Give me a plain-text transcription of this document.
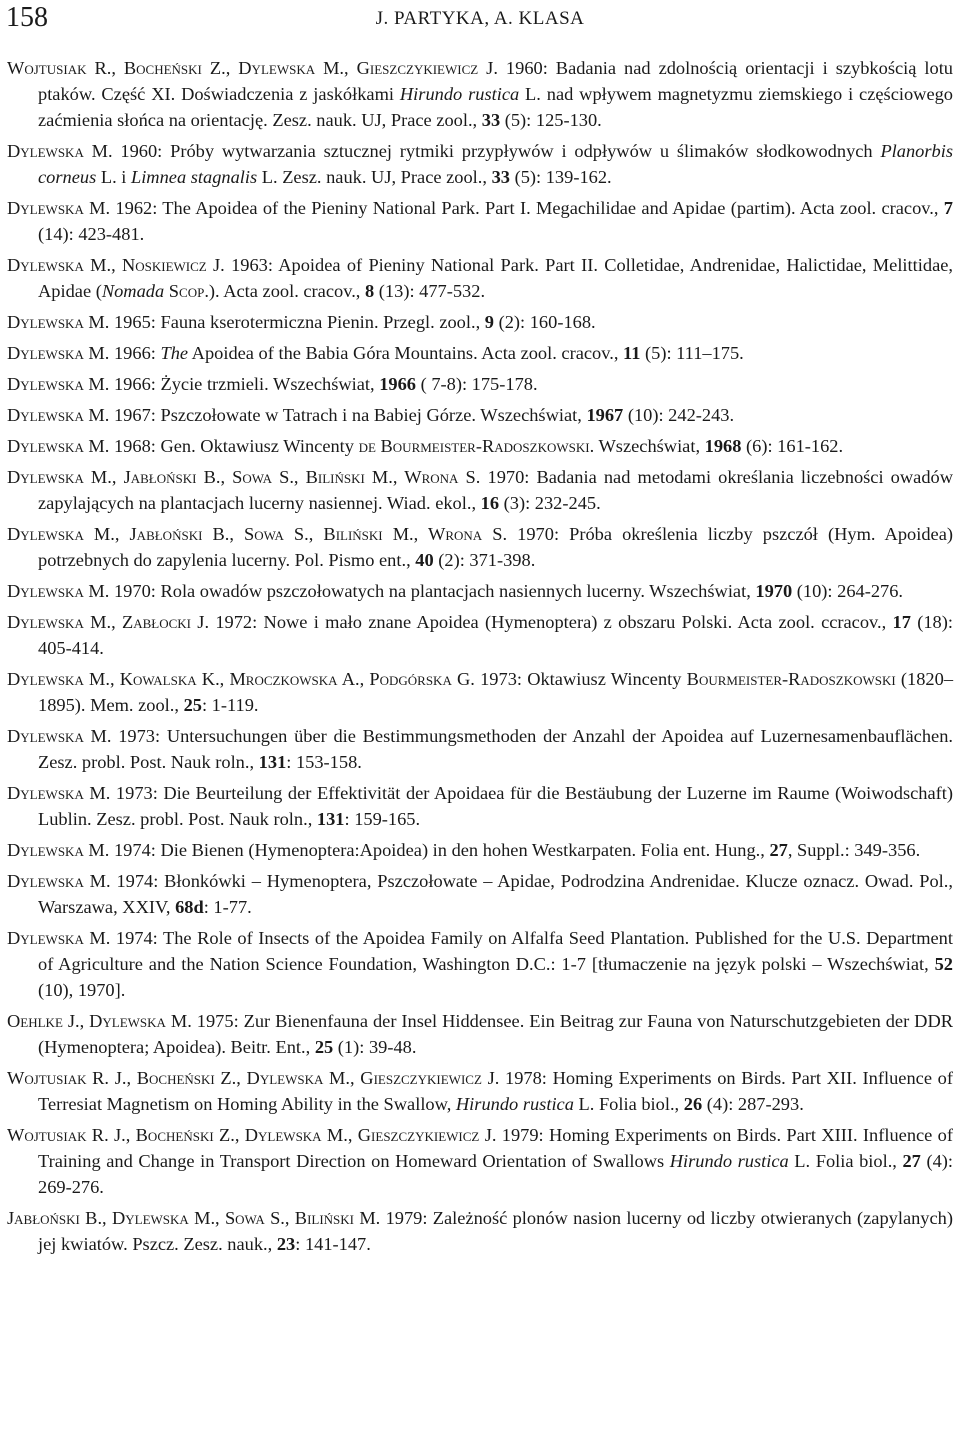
158	J. PARTYKA, A. KLASA

Wojtusiak R., Bocheński Z., Dylewska M., Gieszczykiewicz J. 1960: Badania nad zdolnością orientacji i szybkością lotu ptaków. Część XI. Doświadczenia z jaskółkami Hirundo rustica L. nad wpływem magnetyzmu ziemskiego i częściowego zaćmienia słońca na orientację. Zesz. nauk. UJ, Prace zool., 33 (5): 125-130.

Dylewska M. 1960: Próby wytwarzania sztucznej rytmiki przypływów i odpływów u ślimaków słodkowodnych Planorbis corneus L. i Limnea stagnalis L. Zesz. nauk. UJ, Prace zool., 33 (5): 139-162.

Dylewska M. 1962: The Apoidea of the Pieniny National Park. Part I. Megachilidae and Apidae (partim). Acta zool. cracov., 7 (14): 423-481.

Dylewska M., Noskiewicz J. 1963: Apoidea of Pieniny National Park. Part II. Colletidae, Andrenidae, Halictidae, Melittidae, Apidae (Nomada Scop.). Acta zool. cracov., 8 (13): 477-532.

Dylewska M. 1965: Fauna kserotermiczna Pienin. Przegl. zool., 9 (2): 160-168.

Dylewska M. 1966: The Apoidea of the Babia Góra Mountains. Acta zool. cracov., 11 (5): 111–175.

Dylewska M. 1966: Życie trzmieli. Wszechświat, 1966 ( 7-8): 175-178.

Dylewska M. 1967: Pszczołowate w Tatrach i na Babiej Górze. Wszechświat, 1967 (10): 242-243.

Dylewska M. 1968: Gen. Oktawiusz Wincenty de Bourmeister-Radoszkowski. Wszechświat, 1968 (6): 161-162.

Dylewska M., Jabłoński B., Sowa S., Biliński M., Wrona S. 1970: Badania nad metodami określania liczebności owadów zapylających na plantacjach lucerny nasiennej. Wiad. ekol., 16 (3): 232-245.

Dylewska M., Jabłoński B., Sowa S., Biliński M., Wrona S. 1970: Próba określenia liczby pszczół (Hym. Apoidea) potrzebnych do zapylenia lucerny. Pol. Pismo ent., 40 (2): 371-398.

Dylewska M. 1970: Rola owadów pszczołowatych na plantacjach nasiennych lucerny. Wszechświat, 1970 (10): 264-276.

Dylewska M., Zabłocki J. 1972: Nowe i mało znane Apoidea (Hymenoptera) z obszaru Polski. Acta zool. ccracov., 17 (18): 405-414.

Dylewska M., Kowalska K., Mroczkowska A., Podgórska G. 1973: Oktawiusz Wincenty Bourmeister-Radoszkowski (1820–1895). Mem. zool., 25: 1-119.

Dylewska M. 1973: Untersuchungen über die Bestimmungsmethoden der Anzahl der Apoidea auf Luzernesamenbauflächen. Zesz. probl. Post. Nauk roln., 131: 153-158.

Dylewska M. 1973: Die Beurteilung der Effektivität der Apoidaea für die Bestäubung der Luzerne im Raume (Woiwodschaft) Lublin. Zesz. probl. Post. Nauk roln., 131: 159-165.

Dylewska M. 1974: Die Bienen (Hymenoptera:Apoidea) in den hohen Westkarpaten. Folia ent. Hung., 27, Suppl.: 349-356.

Dylewska M. 1974: Błonkówki – Hymenoptera, Pszczołowate – Apidae, Podrodzina Andrenidae. Klucze oznacz. Owad. Pol., Warszawa, XXIV, 68d: 1-77.

Dylewska M. 1974: The Role of Insects of the Apoidea Family on Alfalfa Seed Plantation. Published for the U.S. Department of Agriculture and the Nation Science Foundation, Washington D.C.: 1-7 [tłumaczenie na język polski – Wszechświat, 52 (10), 1970].

Oehlke J., Dylewska M. 1975: Zur Bienenfauna der Insel Hiddensee. Ein Beitrag zur Fauna von Naturschutzgebieten der DDR (Hymenoptera; Apoidea). Beitr. Ent., 25 (1): 39-48.

Wojtusiak R. J., Bocheński Z., Dylewska M., Gieszczykiewicz J. 1978: Homing Experiments on Birds. Part XII. Influence of Terresiat Magnetism on Homing Ability in the Swallow, Hirundo rustica L. Folia biol., 26 (4): 287-293.

Wojtusiak R. J., Bocheński Z., Dylewska M., Gieszczykiewicz J. 1979: Homing Experiments on Birds. Part XIII. Influence of Training and Change in Transport Direction on Homeward Orientation of Swallows Hirundo rustica L. Folia biol., 27 (4): 269-276.

Jabłoński B., Dylewska M., Sowa S., Biliński M. 1979: Zależność plonów nasion lucerny od liczby otwieranych (zapylanych) jej kwiatów. Pszcz. Zesz. nauk., 23: 141-147.
